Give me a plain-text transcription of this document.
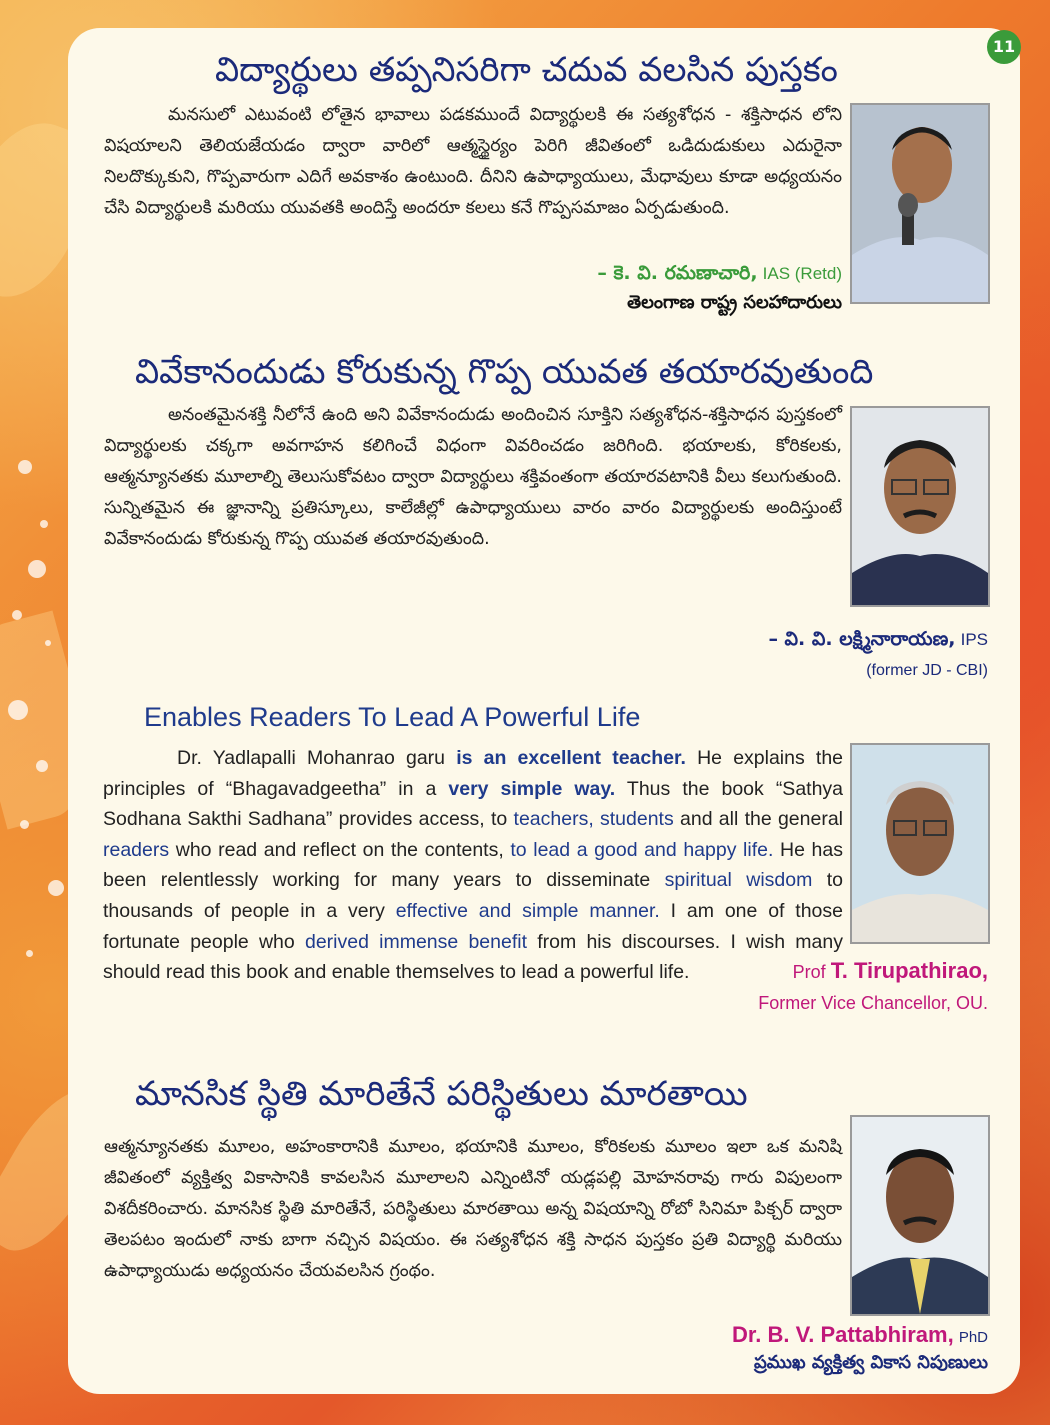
11
విద్యార్థులు తప్పనిసరిగా చదువ వలసిన పుస్తకం
మనసులో ఎటువంటి లోతైన భావాలు పడకముందే విద్యార్థులకి ఈ సత్యశోధన - శక్తిసాధన లోని విషయాలని తెలియజేయడం ద్వారా వారిలో ఆత్మస్థైర్యం పెరిగి జీవితంలో ఒడిదుడుకులు ఎదురైనా నిలదొక్కుకుని, గొప్పవారుగా ఎదిగే అవకాశం ఉంటుంది. దీనిని ఉపాధ్యాయులు, మేధావులు కూడా అధ్యయనం చేసి విద్యార్థులకి మరియు యువతకి అందిస్తే అందరూ కలలు కనే గొప్పసమాజం ఏర్పడుతుంది.
– కె. వి. రమణాచారి, IAS (Retd)
తెలంగాణ రాష్ట్ర సలహాదారులు
వివేకానందుడు కోరుకున్న గొప్ప యువత తయారవుతుంది
అనంతమైనశక్తి నీలోనే ఉంది అని వివేకానందుడు అందించిన సూక్తిని సత్యశోధన-శక్తిసాధన పుస్తకంలో విద్యార్థులకు చక్కగా అవగాహన కలిగించే విధంగా వివరించడం జరిగింది. భయాలకు, కోరికలకు, ఆత్మన్యూనతకు మూలాల్ని తెలుసుకోవటం ద్వారా విద్యార్థులు శక్తివంతంగా తయారవటానికి వీలు కలుగుతుంది. సున్నితమైన ఈ జ్ఞానాన్ని ప్రతిస్కూలు, కాలేజీల్లో ఉపాధ్యాయులు వారం వారం విద్యార్థులకు అందిస్తుంటే వివేకానందుడు కోరుకున్న గొప్ప యువత తయారవుతుంది.
– వి. వి. లక్ష్మినారాయణ, IPS
(former JD - CBI)
Enables Readers To Lead A Powerful Life
Dr. Yadlapalli Mohanrao garu is an excellent teacher. He explains the principles of “Bhagavadgeetha” in a very simple way. Thus the book “Sathya Sodhana Sakthi Sadhana” provides access, to teachers, students and all the general readers who read and reflect on the contents, to lead a good and happy life. He has been relentlessly working for many years to disseminate spiritual wisdom to thousands of people in a very effective and simple manner. I am one of those fortunate people who derived immense benefit from his discourses. I wish many should read this book and enable themselves to lead a powerful life.	Prof T. Tirupathirao,
Former Vice Chancellor, OU.
మానసిక స్థితి మారితేనే పరిస్థితులు మారతాయి
ఆత్మన్యూనతకు మూలం, అహంకారానికి మూలం, భయానికి మూలం, కోరికలకు మూలం ఇలా ఒక మనిషి జీవితంలో వ్యక్తిత్వ వికాసానికి కావలసిన మూలాలని ఎన్నింటినో యడ్లపల్లి మోహనరావు గారు విపులంగా విశదీకరించారు. మానసిక స్థితి మారితేనే, పరిస్థితులు మారతాయి అన్న విషయాన్ని రోబో సినిమా పిక్చర్ ద్వారా తెలపటం ఇందులో నాకు బాగా నచ్చిన విషయం. ఈ సత్యశోధన శక్తి సాధన పుస్తకం ప్రతి విద్యార్థి మరియు ఉపాధ్యాయుడు అధ్యయనం చేయవలసిన గ్రంథం.
Dr. B. V. Pattabhiram, PhD
ప్రముఖ వ్యక్తిత్వ వికాస నిపుణులు
